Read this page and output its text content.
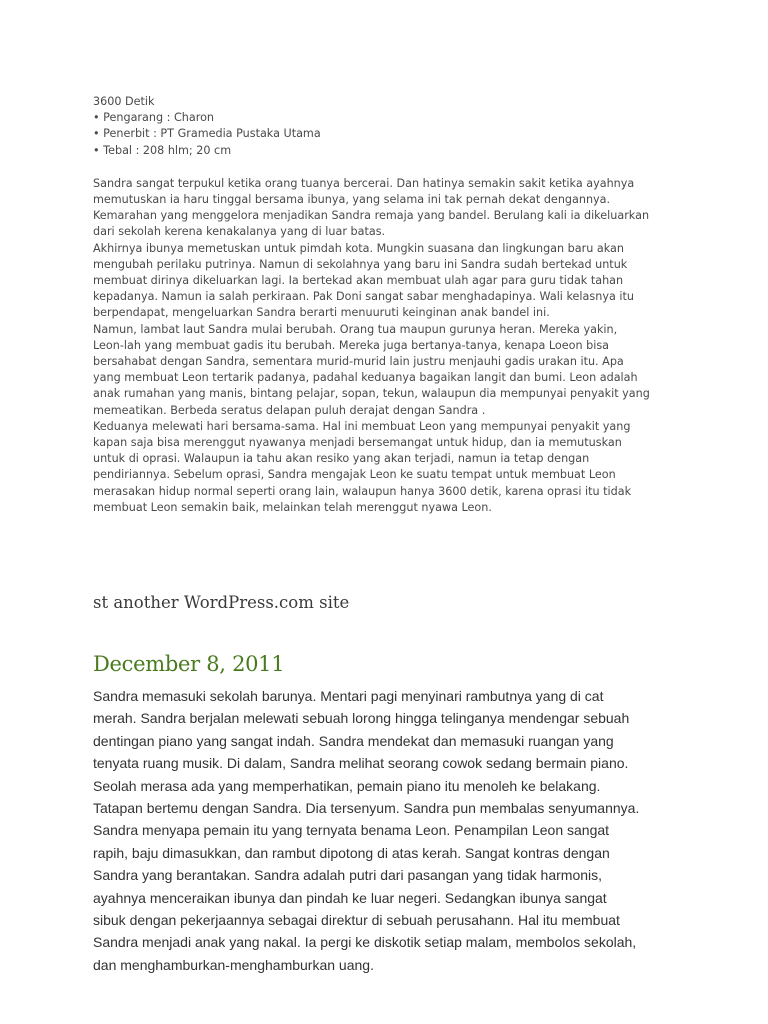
3600 Detik
• Pengarang : Charon
• Penerbit : PT Gramedia Pustaka Utama
• Tebal : 208 hlm; 20 cm
Sandra sangat terpukul ketika orang tuanya bercerai. Dan hatinya semakin sakit ketika ayahnya
memutuskan ia haru tinggal bersama ibunya, yang selama ini tak pernah dekat dengannya.
Kemarahan yang menggelora menjadikan Sandra remaja yang bandel. Berulang kali ia dikeluarkan
dari sekolah kerena kenakalanya yang di luar batas.
Akhirnya ibunya memetuskan untuk pimdah kota. Mungkin suasana dan lingkungan baru akan
mengubah perilaku putrinya. Namun di sekolahnya yang baru ini Sandra sudah bertekad untuk
membuat dirinya dikeluarkan lagi. Ia bertekad akan membuat ulah agar para guru tidak tahan
kepadanya. Namun ia salah perkiraan. Pak Doni sangat sabar menghadapinya. Wali kelasnya itu
berpendapat, mengeluarkan Sandra berarti menuuruti keinginan anak bandel ini.
Namun, lambat laut Sandra mulai berubah. Orang tua maupun gurunya heran. Mereka yakin,
Leon-lah yang membuat gadis itu berubah. Mereka juga bertanya-tanya, kenapa Loeon bisa
bersahabat dengan Sandra, sementara murid-murid lain justru menjauhi gadis urakan itu. Apa
yang membuat Leon tertarik padanya, padahal keduanya bagaikan langit dan bumi. Leon adalah
anak rumahan yang manis, bintang pelajar, sopan, tekun, walaupun dia mempunyai penyakit yang
memeatikan. Berbeda seratus delapan puluh derajat dengan Sandra .
Keduanya melewati hari bersama-sama. Hal ini membuat Leon yang mempunyai penyakit yang
kapan saja bisa merenggut nyawanya menjadi bersemangat untuk hidup, dan ia memutuskan
untuk di oprasi. Walaupun ia tahu akan resiko yang akan terjadi, namun ia tetap dengan
pendiriannya. Sebelum oprasi, Sandra mengajak Leon ke suatu tempat untuk membuat Leon
merasakan hidup normal seperti orang lain, walaupun hanya 3600 detik, karena oprasi itu tidak
membuat Leon semakin baik, melainkan telah merenggut nyawa Leon.
st another WordPress.com site
December 8, 2011
Sandra memasuki sekolah barunya. Mentari pagi menyinari rambutnya yang di cat
merah. Sandra berjalan melewati sebuah lorong hingga telinganya mendengar sebuah
dentingan piano yang sangat indah. Sandra mendekat dan memasuki ruangan yang
tenyata ruang musik. Di dalam, Sandra melihat seorang cowok sedang bermain piano.
Seolah merasa ada yang memperhatikan, pemain piano itu menoleh ke belakang.
Tatapan bertemu dengan Sandra. Dia tersenyum. Sandra pun membalas senyumannya.
Sandra menyapa pemain itu yang ternyata benama Leon. Penampilan Leon sangat
rapih, baju dimasukkan, dan rambut dipotong di atas kerah. Sangat kontras dengan
Sandra yang berantakan. Sandra adalah putri dari pasangan yang tidak harmonis,
ayahnya menceraikan ibunya dan pindah ke luar negeri. Sedangkan ibunya sangat
sibuk dengan pekerjaannya sebagai direktur di sebuah perusahann. Hal itu membuat
Sandra menjadi anak yang nakal. Ia pergi ke diskotik setiap malam, membolos sekolah,
dan menghamburkan-menghamburkan uang.
